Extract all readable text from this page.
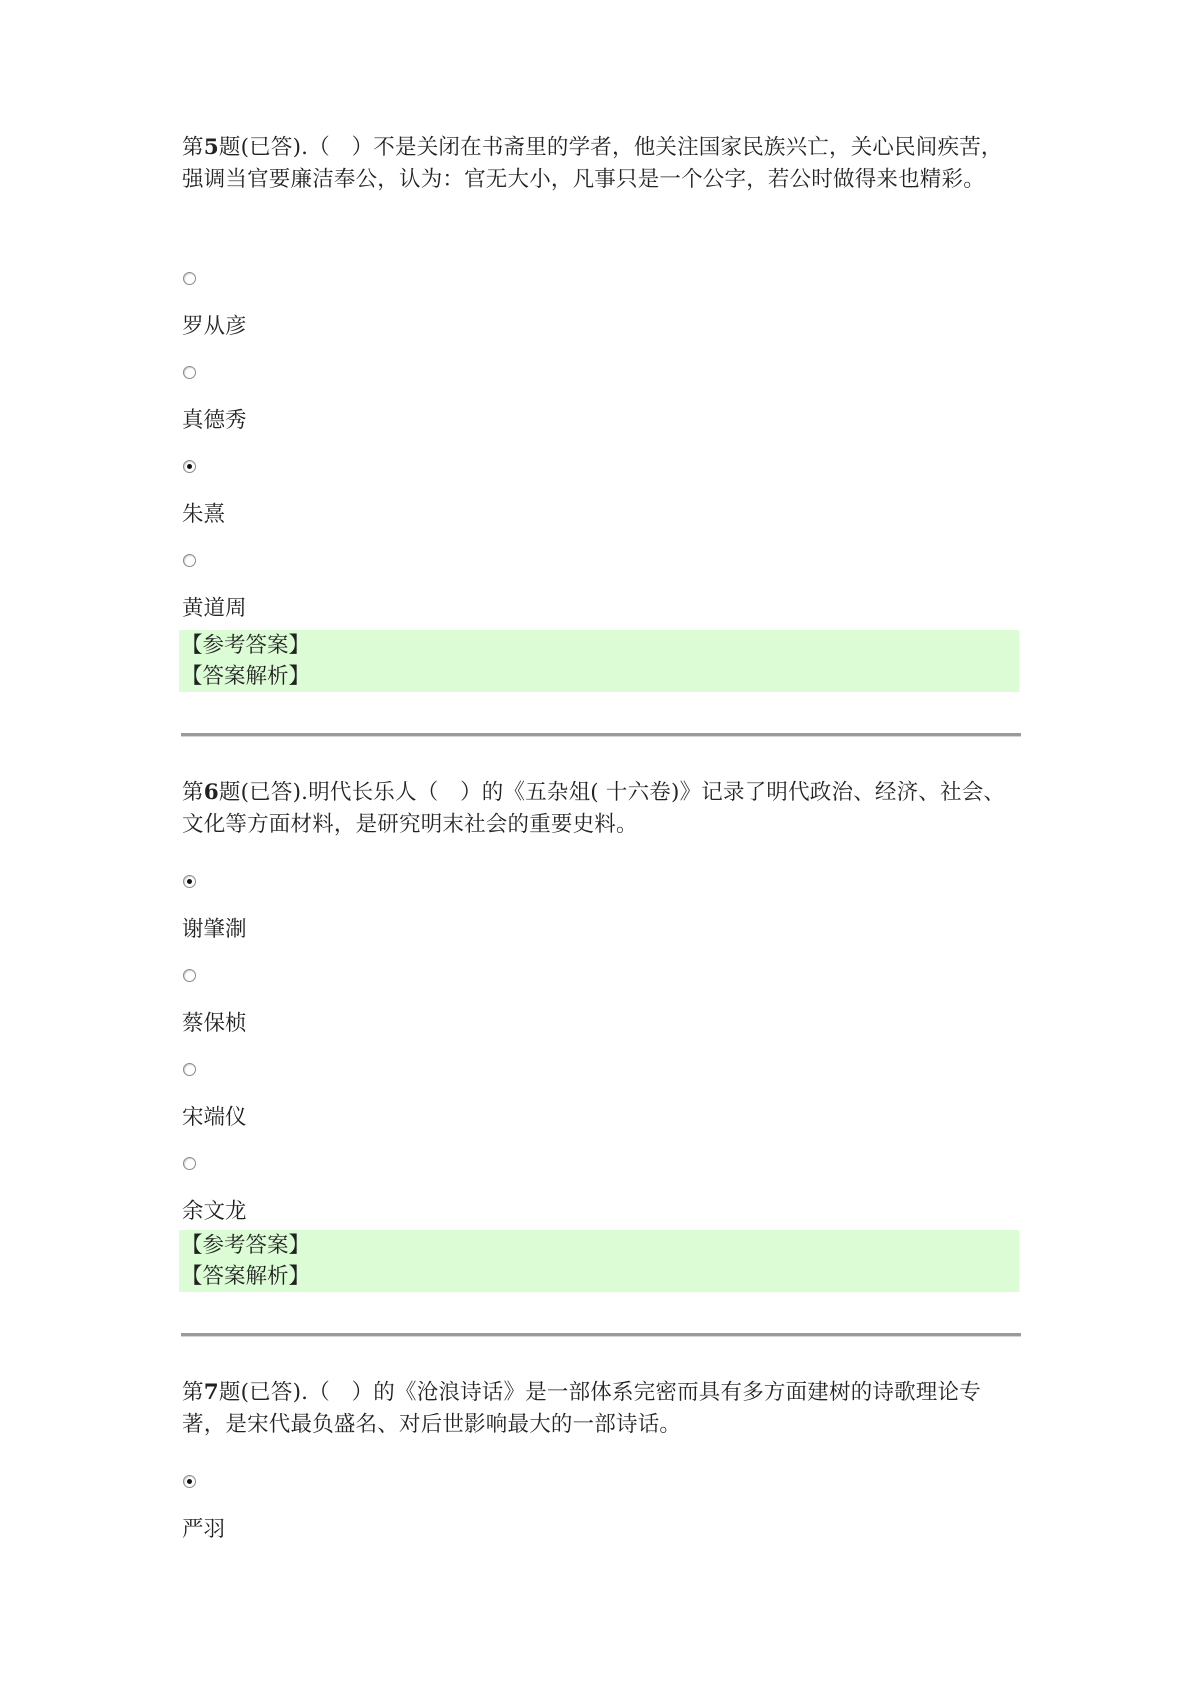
第5题(已答).（　）不是关闭在书斋里的学者，他关注国家民族兴亡，关心民间疾苦，强调当官要廉洁奉公，认为：官无大小，凡事只是一个公字，若公时做得来也精彩。

罗从彦
真德秀
朱熹
黄道周
【参考答案】
【答案解析】

第6题(已答).明代长乐人（　）的《五杂俎( 十六卷)》记录了明代政治、经济、社会、文化等方面材料，是研究明末社会的重要史料。

谢肇淛
蔡保桢
宋端仪
余文龙
【参考答案】
【答案解析】

第7题(已答).（　）的《沧浪诗话》是一部体系完密而具有多方面建树的诗歌理论专著，是宋代最负盛名、对后世影响最大的一部诗话。

严羽
